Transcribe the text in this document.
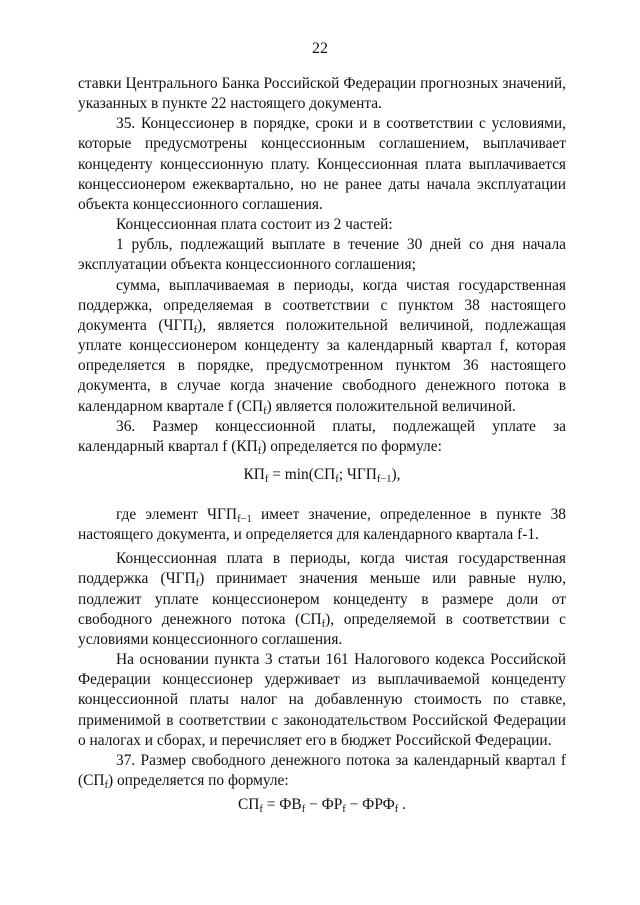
22

ставки Центрального Банка Российской Федерации прогнозных значений, указанных в пункте 22 настоящего документа.

35. Концессионер в порядке, сроки и в соответствии с условиями, которые предусмотрены концессионным соглашением, выплачивает концеденту концессионную плату. Концессионная плата выплачивается концессионером ежеквартально, но не ранее даты начала эксплуатации объекта концессионного соглашения.

Концессионная плата состоит из 2 частей:

1 рубль, подлежащий выплате в течение 30 дней со дня начала эксплуатации объекта концессионного соглашения;

сумма, выплачиваемая в периоды, когда чистая государственная поддержка, определяемая в соответствии с пунктом 38 настоящего документа $(ЧГП_f)$, является положительной величиной, подлежащая уплате концессионером концеденту за календарный квартал f, которая определяется в порядке, предусмотренном пунктом 36 настоящего документа, в случае когда значение свободного денежного потока в календарном квартале f $(СП_f)$ является положительной величиной.

36. Размер концессионной платы, подлежащей уплате за календарный квартал f $(КП_f)$ определяется по формуле:

$КП_f = \min(СП_f$; $ЧГП_{f-1}$),

где элемент $ЧГП_{f-1}$ имеет значение, определенное в пункте 38 настоящего документа, и определяется для календарного квартала f-1.

Концессионная плата в периоды, когда чистая государственная поддержка $(ЧГП_f)$ принимает значения меньше или равные нулю, подлежит уплате концессионером концеденту в размере доли от свободного денежного потока $(СП_f)$, определяемой в соответствии с условиями концессионного соглашения.

На основании пункта 3 статьи 161 Налогового кодекса Российской Федерации концессионер удерживает из выплачиваемой концеденту концессионной платы налог на добавленную стоимость по ставке, применимой в соответствии с законодательством Российской Федерации о налогах и сборах, и перечисляет его в бюджет Российской Федерации.

37. Размер свободного денежного потока за календарный квартал f $(СП_f)$ определяется по формуле:

$СП_f = ФВ_f - ФР_f - ФРФ_f$ .
